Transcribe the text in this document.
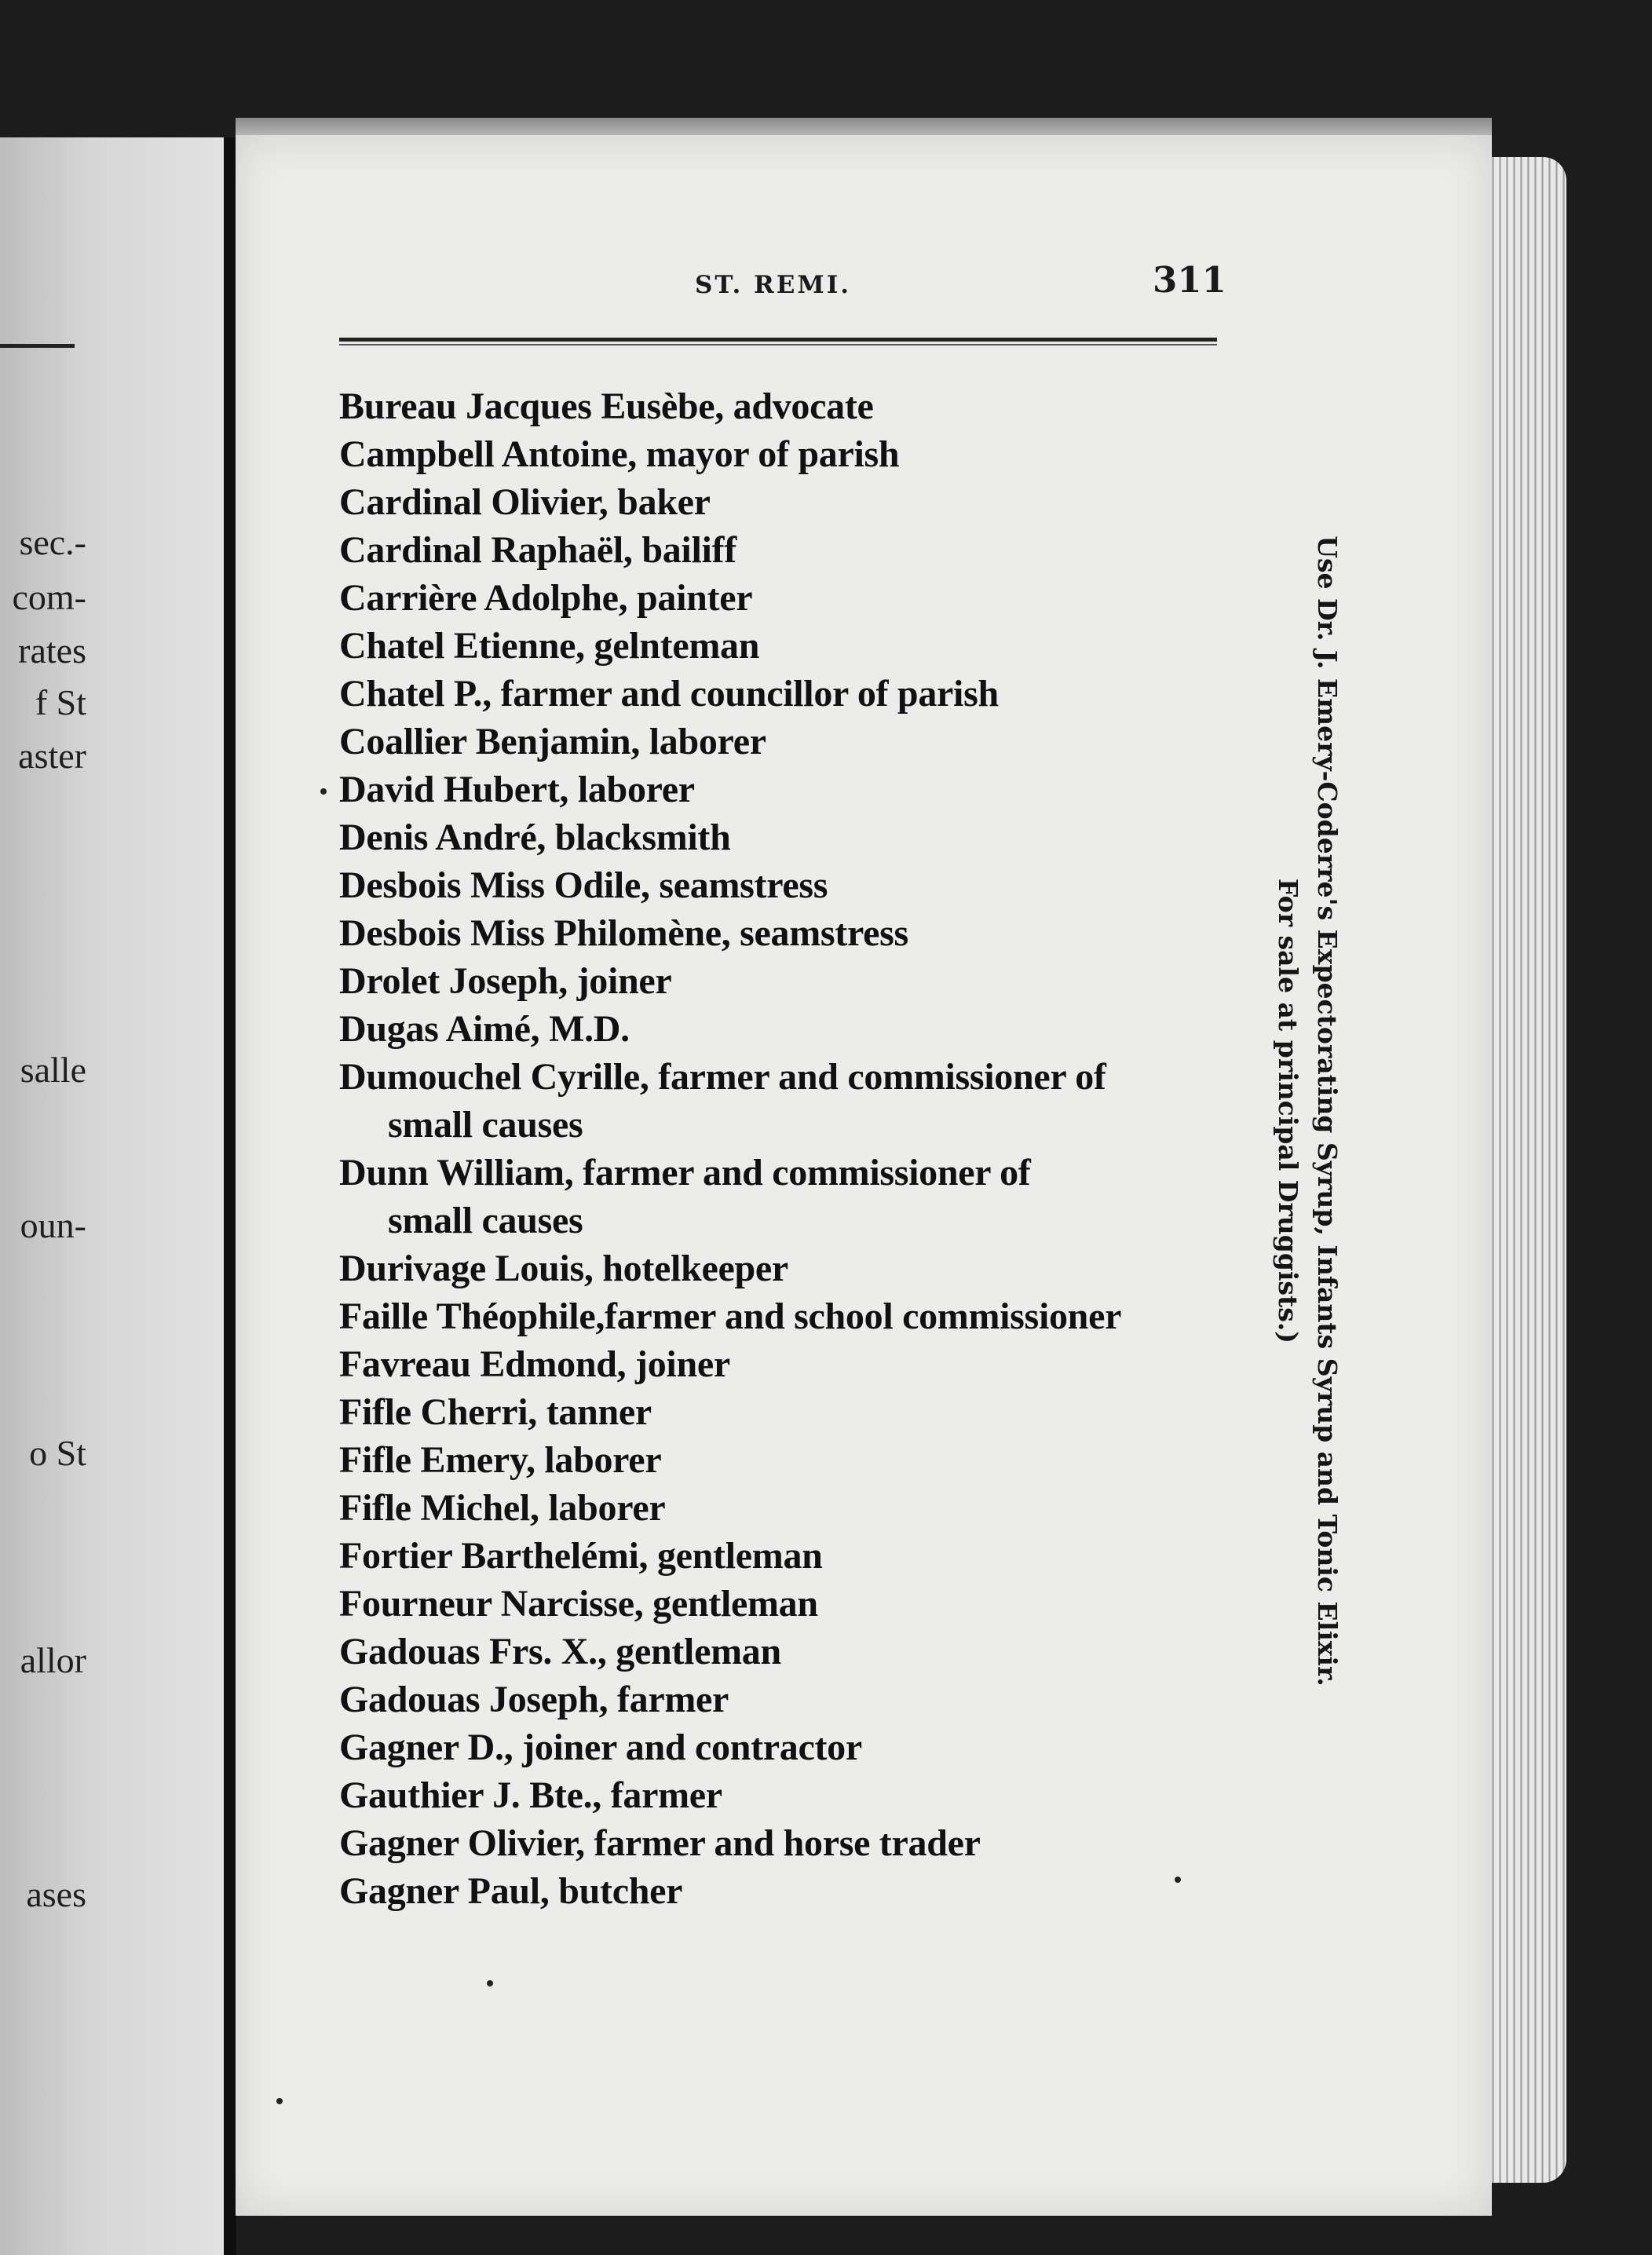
sec.-
com-
rates
f St
aster
salle
oun-
o St
allor
ases
ST. REMI.	311
Bureau Jacques Eusèbe, advocate
Campbell Antoine, mayor of parish
Cardinal Olivier, baker
Cardinal Raphaël, bailiff
Carrière Adolphe, painter
Chatel Etienne, gelnteman
Chatel P., farmer and councillor of parish
Coallier Benjamin, laborer
David Hubert, laborer
Denis André, blacksmith
Desbois Miss Odile, seamstress
Desbois Miss Philomène, seamstress
Drolet Joseph, joiner
Dugas Aimé, M.D.
Dumouchel Cyrille, farmer and commissioner of
small causes
Dunn William, farmer and commissioner of
small causes
Durivage Louis, hotelkeeper
Faille Théophile,farmer and school commissioner
Favreau Edmond, joiner
Fifle Cherri, tanner
Fifle Emery, laborer
Fifle Michel, laborer
Fortier Barthelémi, gentleman
Fourneur Narcisse, gentleman
Gadouas Frs. X., gentleman
Gadouas Joseph, farmer
Gagner D., joiner and contractor
Gauthier J. Bte., farmer
Gagner Olivier, farmer and horse trader
Gagner Paul, butcher
Use Dr. J. Emery-Coderre's Expectorating Syrup, Infants Syrup and Tonic Elixir.
For sale at principal Druggists.)
